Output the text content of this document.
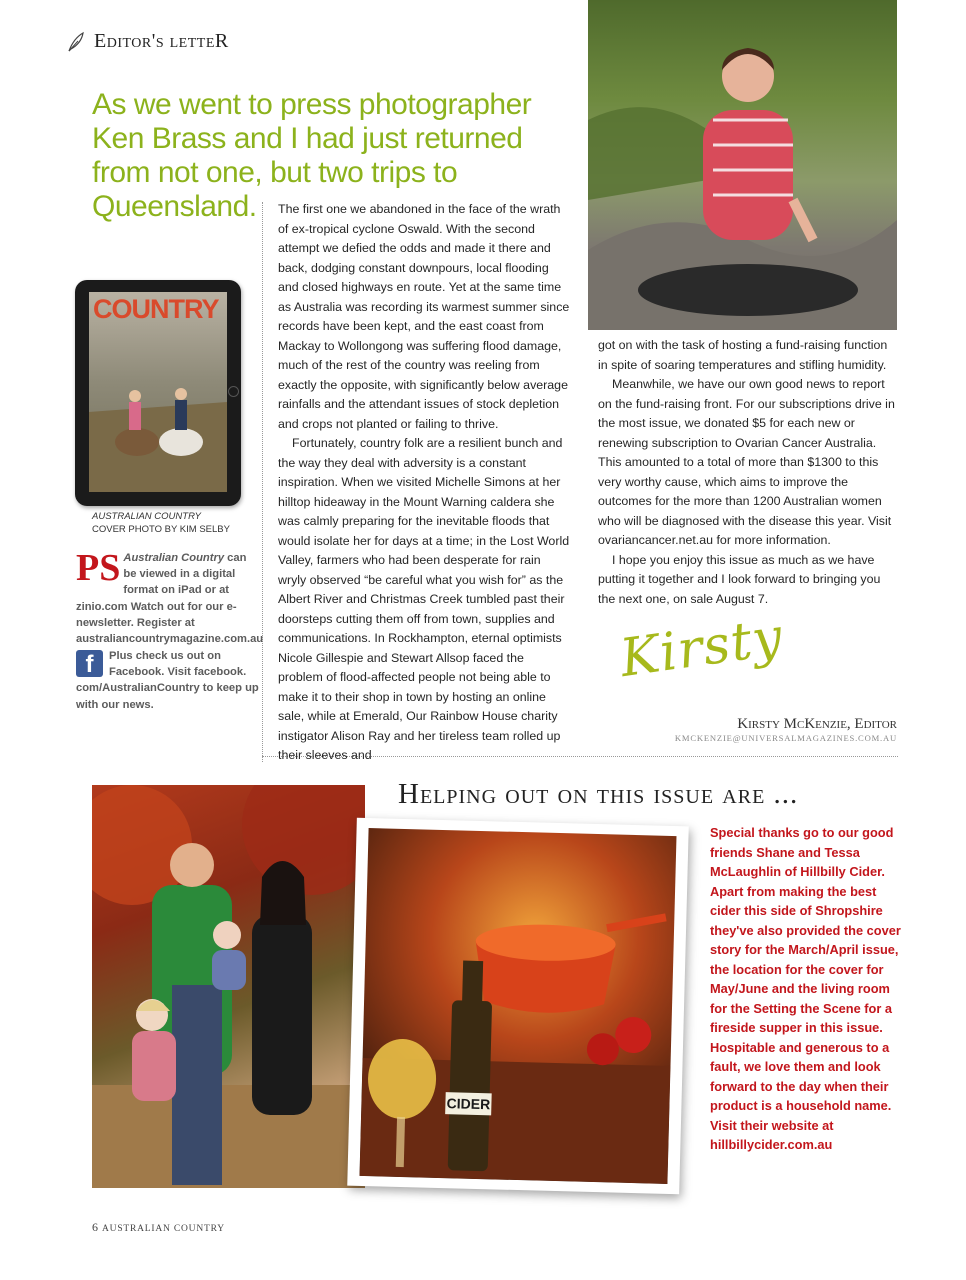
Editor's letteR
As we went to press photographer Ken Brass and I had just returned from not one, but two trips to Queensland.
COUNTRY
AUSTRALIAN COUNTRY
COVER PHOTO BY KIM SELBY
PS Australian Country can be viewed in a digital format on iPad or at zinio.com Watch out for our e-newsletter. Register at australiancountrymagazine.com.au
f	Plus check us out on Facebook. Visit facebook. com/AustralianCountry to keep up with our news.

The first one we abandoned in the face of the wrath of ex-tropical cyclone Oswald. With the second attempt we defied the odds and made it there and back, dodging constant downpours, local flooding and closed highways en route. Yet at the same time as Australia was recording its warmest summer since records have been kept, and the east coast from Mackay to Wollongong was suffering flood damage, much of the rest of the country was reeling from exactly the opposite, with significantly below average rainfalls and the attendant issues of stock depletion and crops not planted or failing to thrive.

Fortunately, country folk are a resilient bunch and the way they deal with adversity is a constant inspiration. When we visited Michelle Simons at her hilltop hideaway in the Mount Warning caldera she was calmly preparing for the inevitable floods that would isolate her for days at a time; in the Lost World Valley, farmers who had been desperate for rain wryly observed “be careful what you wish for” as the Albert River and Christmas Creek tumbled past their doorsteps cutting them off from town, supplies and communications. In Rockhampton, eternal optimists Nicole Gillespie and Stewart Allsop faced the problem of flood-affected people not being able to make it to their shop in town by hosting an online sale, while at Emerald, Our Rainbow House charity instigator Alison Ray and her tireless team rolled up their sleeves and

got on with the task of hosting a fund-raising function in spite of soaring temperatures and stifling humidity.

Meanwhile, we have our own good news to report on the fund-raising front. For our subscriptions drive in the most issue, we donated $5 for each new or renewing subscription to Ovarian Cancer Australia. This amounted to a total of more than $1300 to this very worthy cause, which aims to improve the outcomes for the more than 1200 Australian women who will be diagnosed with the disease this year. Visit ovariancancer.net.au for more information.

I hope you enjoy this issue as much as we have putting it together and I look forward to bringing you the next one, on sale August 7.

Kirsty
Kirsty McKenzie, Editor
KMCKENZIE@UNIVERSALMAGAZINES.COM.AU
Helping out on this issue are ...
CIDER
Special thanks go to our good friends Shane and Tessa McLaughlin of Hillbilly Cider. Apart from making the best cider this side of Shropshire they've also provided the cover story for the March/April issue, the location for the cover for May/June and the living room for the Setting the Scene for a fireside supper in this issue. Hospitable and generous to a fault, we love them and look forward to the day when their product is a household name. Visit their website at hillbillycider.com.au
6 AUSTRALIAN COUNTRY
